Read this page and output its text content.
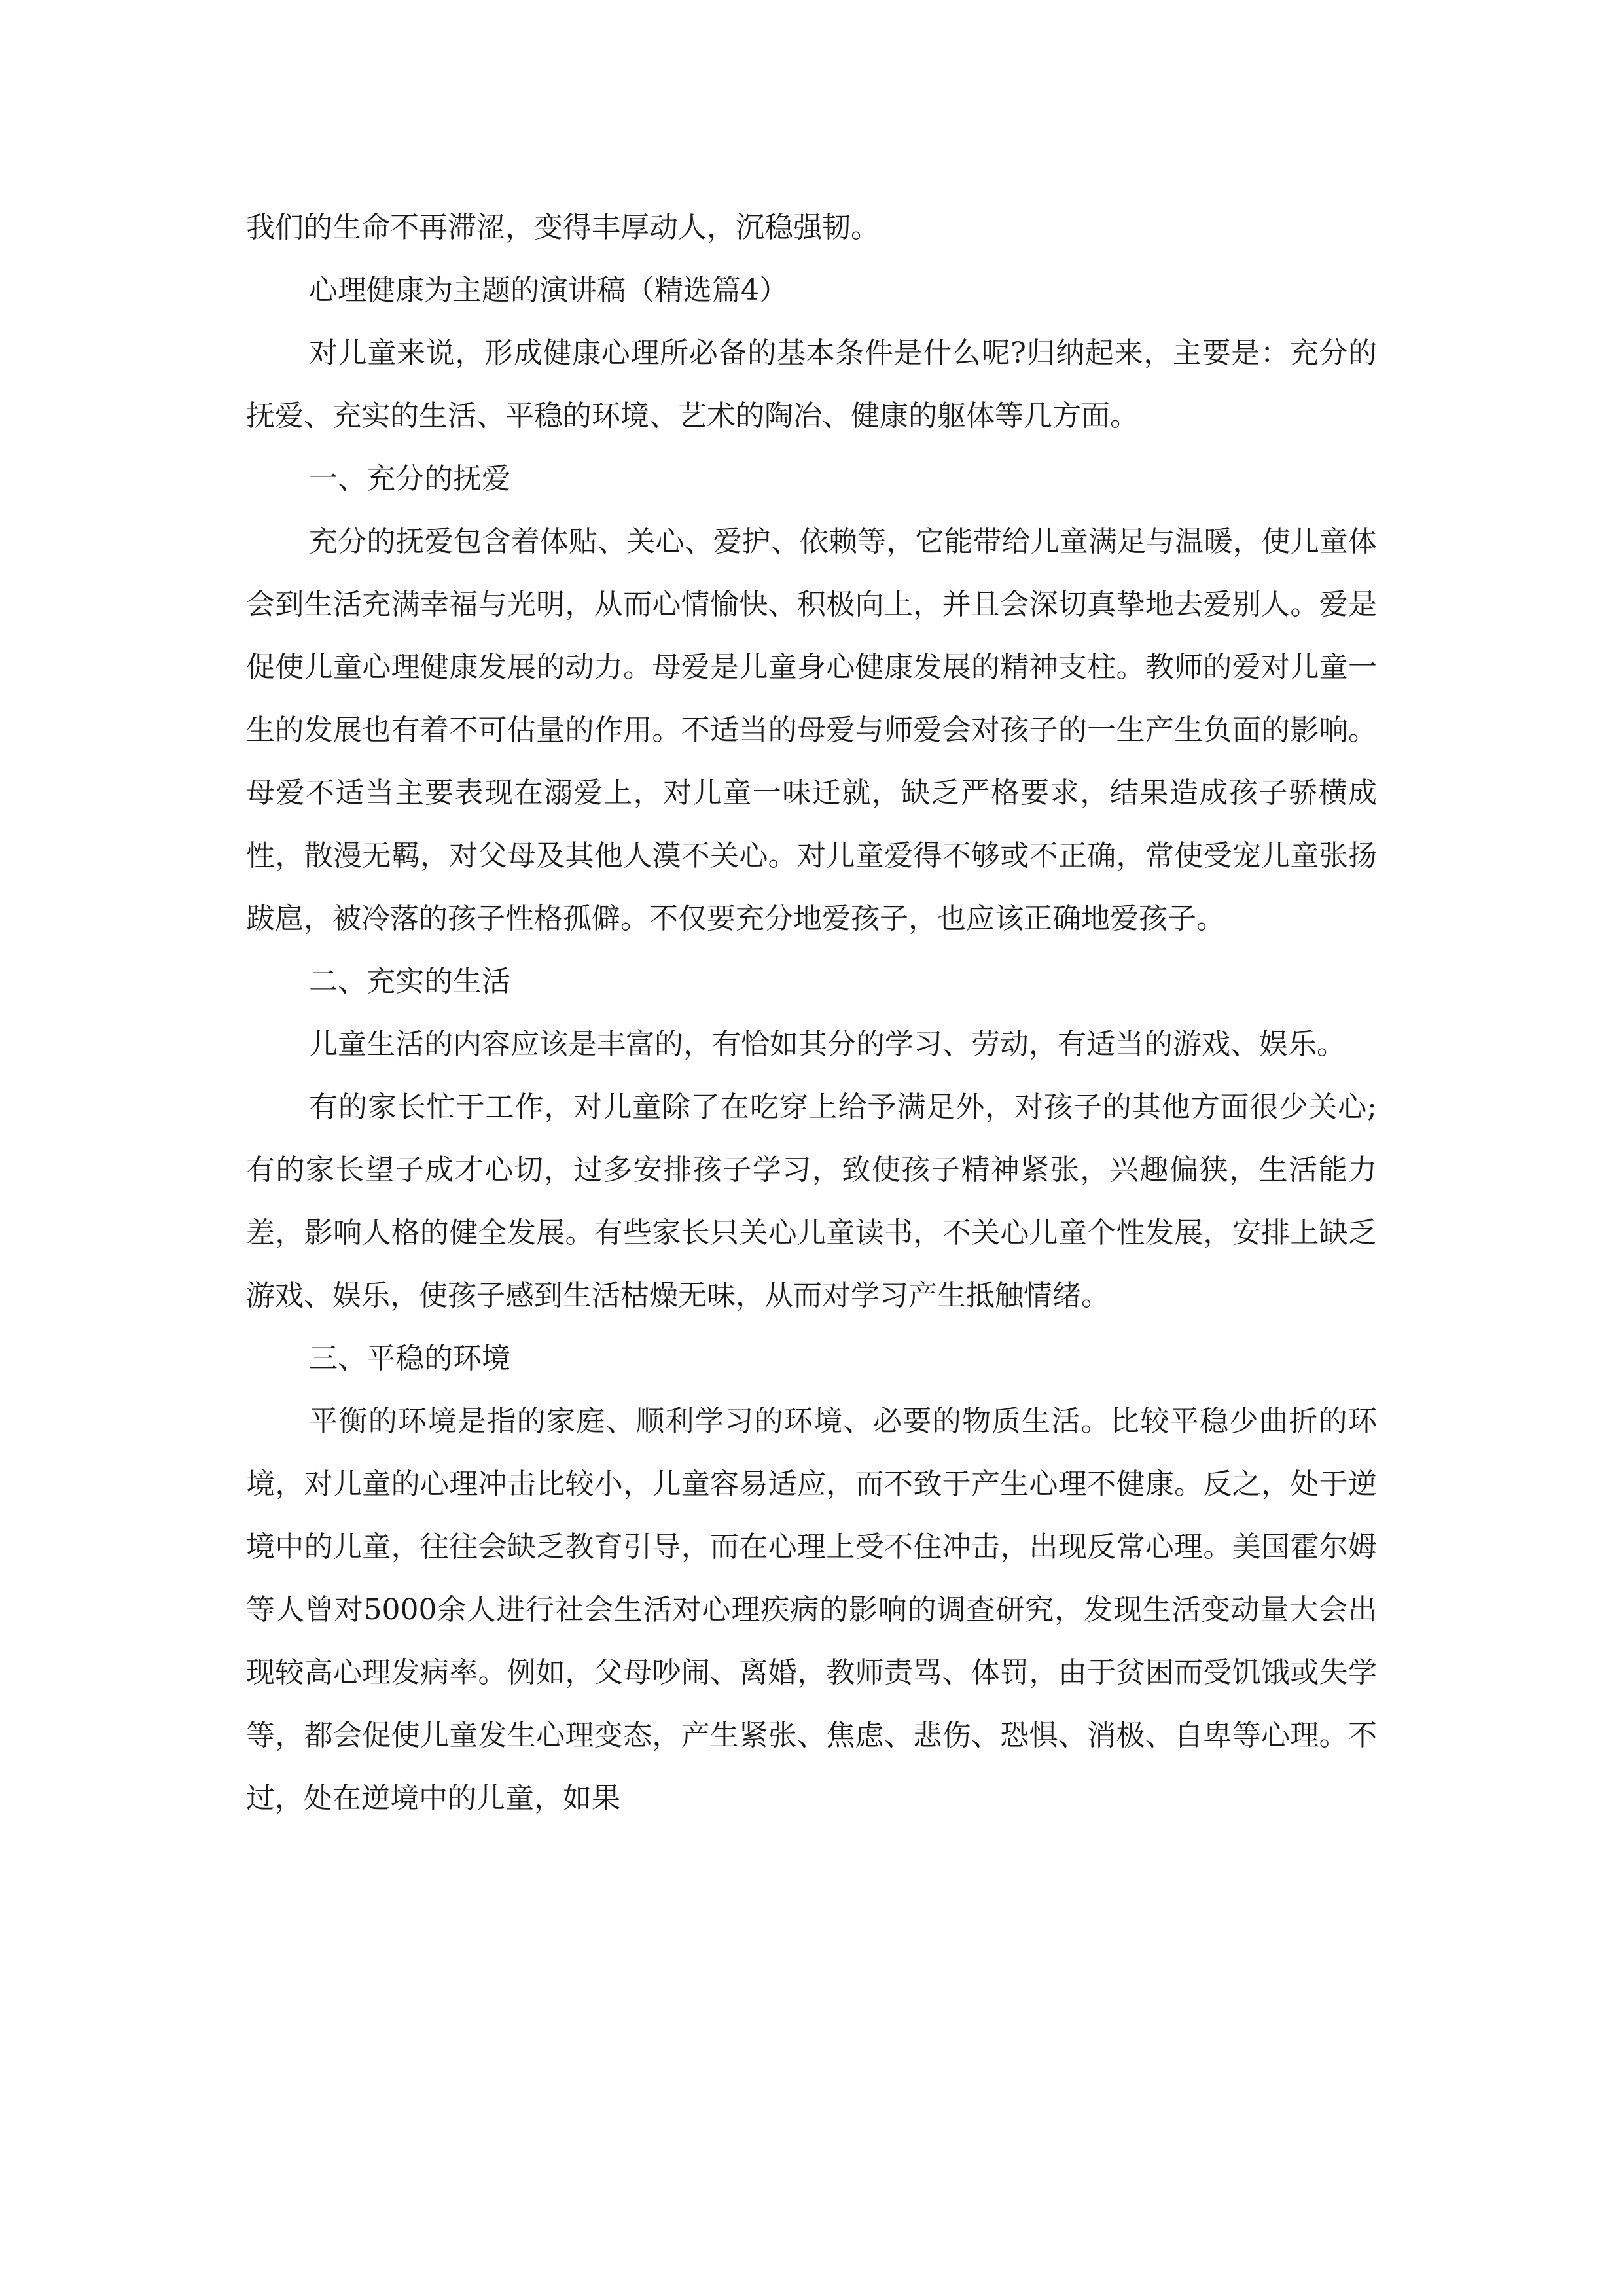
我们的生命不再滞涩，变得丰厚动人，沉稳强韧。

心理健康为主题的演讲稿（精选篇4）

对儿童来说，形成健康心理所必备的基本条件是什么呢?归纳起来，主要是：充分的抚爱、充实的生活、平稳的环境、艺术的陶冶、健康的躯体等几方面。

一、充分的抚爱

充分的抚爱包含着体贴、关心、爱护、依赖等，它能带给儿童满足与温暖，使儿童体会到生活充满幸福与光明，从而心情愉快、积极向上，并且会深切真挚地去爱别人。爱是促使儿童心理健康发展的动力。母爱是儿童身心健康发展的精神支柱。教师的爱对儿童一生的发展也有着不可估量的作用。不适当的母爱与师爱会对孩子的一生产生负面的影响。母爱不适当主要表现在溺爱上，对儿童一味迁就，缺乏严格要求，结果造成孩子骄横成性，散漫无羁，对父母及其他人漠不关心。对儿童爱得不够或不正确，常使受宠儿童张扬跋扈，被冷落的孩子性格孤僻。不仅要充分地爱孩子，也应该正确地爱孩子。

二、充实的生活

儿童生活的内容应该是丰富的，有恰如其分的学习、劳动，有适当的游戏、娱乐。

有的家长忙于工作，对儿童除了在吃穿上给予满足外，对孩子的其他方面很少关心;有的家长望子成才心切，过多安排孩子学习，致使孩子精神紧张，兴趣偏狭，生活能力差，影响人格的健全发展。有些家长只关心儿童读书，不关心儿童个性发展，安排上缺乏游戏、娱乐，使孩子感到生活枯燥无味，从而对学习产生抵触情绪。

三、平稳的环境

平衡的环境是指的家庭、顺利学习的环境、必要的物质生活。比较平稳少曲折的环境，对儿童的心理冲击比较小，儿童容易适应，而不致于产生心理不健康。反之，处于逆境中的儿童，往往会缺乏教育引导，而在心理上受不住冲击，出现反常心理。美国霍尔姆等人曾对5000余人进行社会生活对心理疾病的影响的调查研究，发现生活变动量大会出现较高心理发病率。例如，父母吵闹、离婚，教师责骂、体罚，由于贫困而受饥饿或失学等，都会促使儿童发生心理变态，产生紧张、焦虑、悲伤、恐惧、消极、自卑等心理。不过，处在逆境中的儿童，如果
